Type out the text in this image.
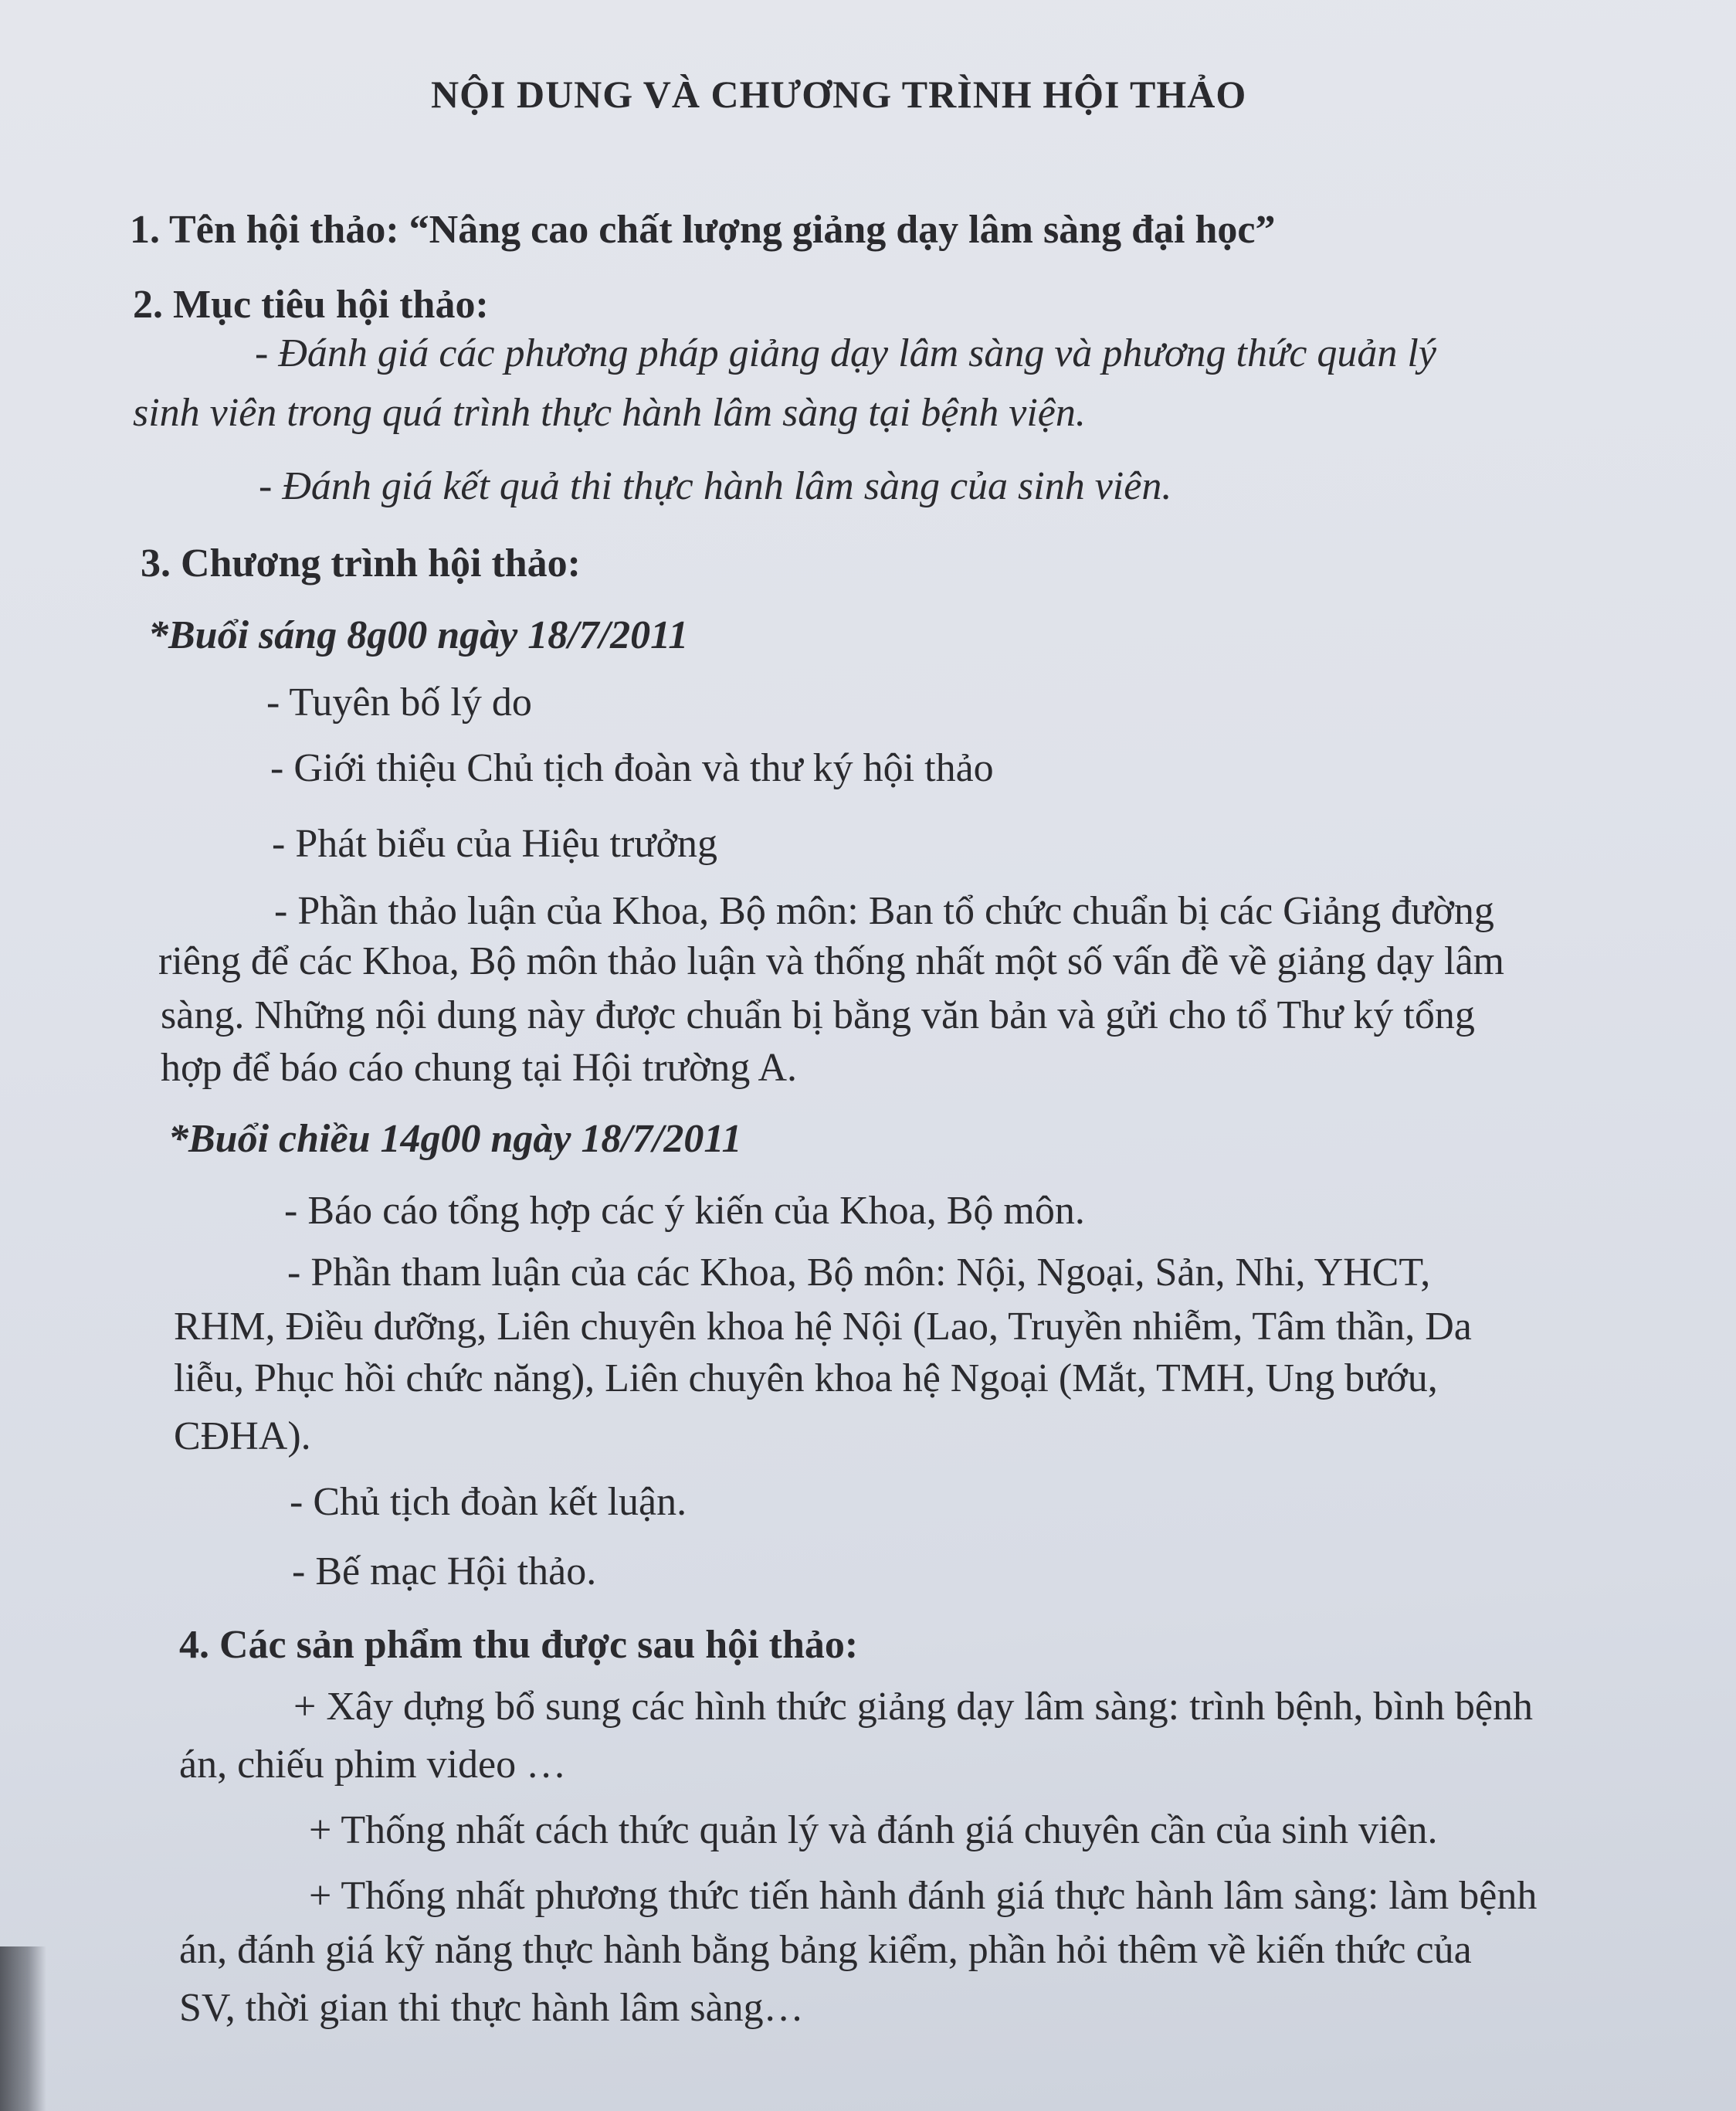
NỘI DUNG VÀ CHƯƠNG TRÌNH HỘI THẢO
1. Tên hội thảo: “Nâng cao chất lượng giảng dạy lâm sàng đại học”
2. Mục tiêu hội thảo:
- Đánh giá các phương pháp giảng dạy lâm sàng và phương thức quản lý
sinh viên trong quá trình thực hành lâm sàng tại bệnh viện.
- Đánh giá kết quả thi thực hành lâm sàng của sinh viên.
3. Chương trình hội thảo:
*Buổi sáng 8g00 ngày 18/7/2011
- Tuyên bố lý do
- Giới thiệu Chủ tịch đoàn và thư ký hội thảo
- Phát biểu của Hiệu trưởng
- Phần thảo luận của Khoa, Bộ môn: Ban tổ chức chuẩn bị các Giảng đường
riêng để các Khoa, Bộ môn thảo luận và thống nhất một số vấn đề về giảng dạy lâm
sàng. Những nội dung này được chuẩn bị bằng văn bản và gửi cho tổ Thư ký tổng
hợp để báo cáo chung tại Hội trường A.
*Buổi chiều 14g00 ngày 18/7/2011
- Báo cáo tổng hợp các ý kiến của Khoa, Bộ môn.
- Phần tham luận của các Khoa, Bộ môn: Nội, Ngoại, Sản, Nhi, YHCT,
RHM, Điều dưỡng, Liên chuyên khoa hệ Nội (Lao, Truyền nhiễm, Tâm thần, Da
liễu, Phục hồi chức năng), Liên chuyên khoa hệ Ngoại (Mắt, TMH, Ung bướu,
CĐHA).
- Chủ tịch đoàn kết luận.
- Bế mạc Hội thảo.
4. Các sản phẩm thu được sau hội thảo:
+ Xây dựng bổ sung các hình thức giảng dạy lâm sàng: trình bệnh, bình bệnh
án, chiếu phim video …
+ Thống nhất cách thức quản lý và đánh giá chuyên cần của sinh viên.
+ Thống nhất phương thức tiến hành đánh giá thực hành lâm sàng: làm bệnh
án, đánh giá kỹ năng thực hành bằng bảng kiểm, phần hỏi thêm về kiến thức của
SV, thời gian thi thực hành lâm sàng…
